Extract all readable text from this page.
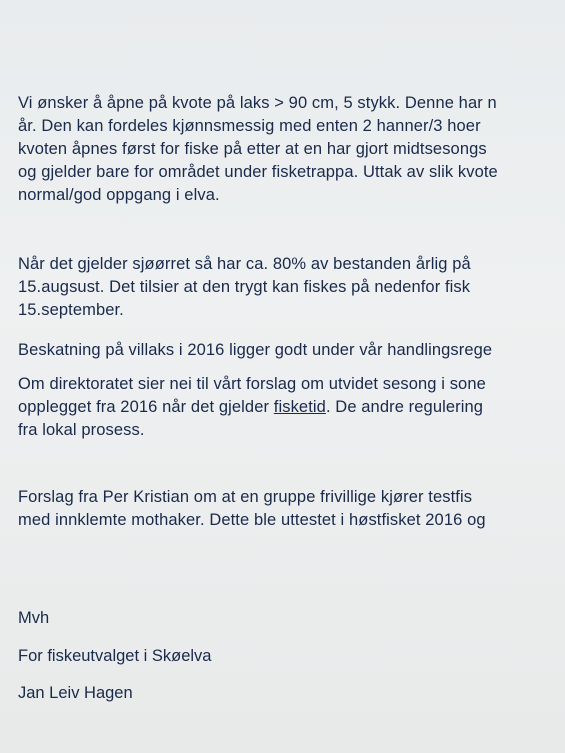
Vi ønsker å åpne på kvote på laks > 90 cm, 5 stykk. Denne har n
år. Den kan fordeles kjønnsmessig med enten 2 hanner/3 hoer
kvoten åpnes først for fiske på etter at en har gjort midtsesongs
og gjelder bare for området under fisketrappa. Uttak av slik kvote
normal/god oppgang i elva.
Når det gjelder sjøørret så har ca. 80% av bestanden årlig på
15.augsust. Det tilsier at den trygt kan fiskes på nedenfor fisk
15.september.
Beskatning på villaks i 2016 ligger godt under vår handlingsrege
Om direktoratet sier nei til vårt forslag om utvidet sesong i sone
opplegget fra 2016 når det gjelder fisketid. De andre regulering
fra lokal prosess.
Forslag fra Per Kristian om at en gruppe frivillige kjører testfis
med innklemte mothaker. Dette ble uttestet i høstfisket 2016 og
Mvh
For fiskeutvalget i Skøelva
Jan Leiv Hagen
